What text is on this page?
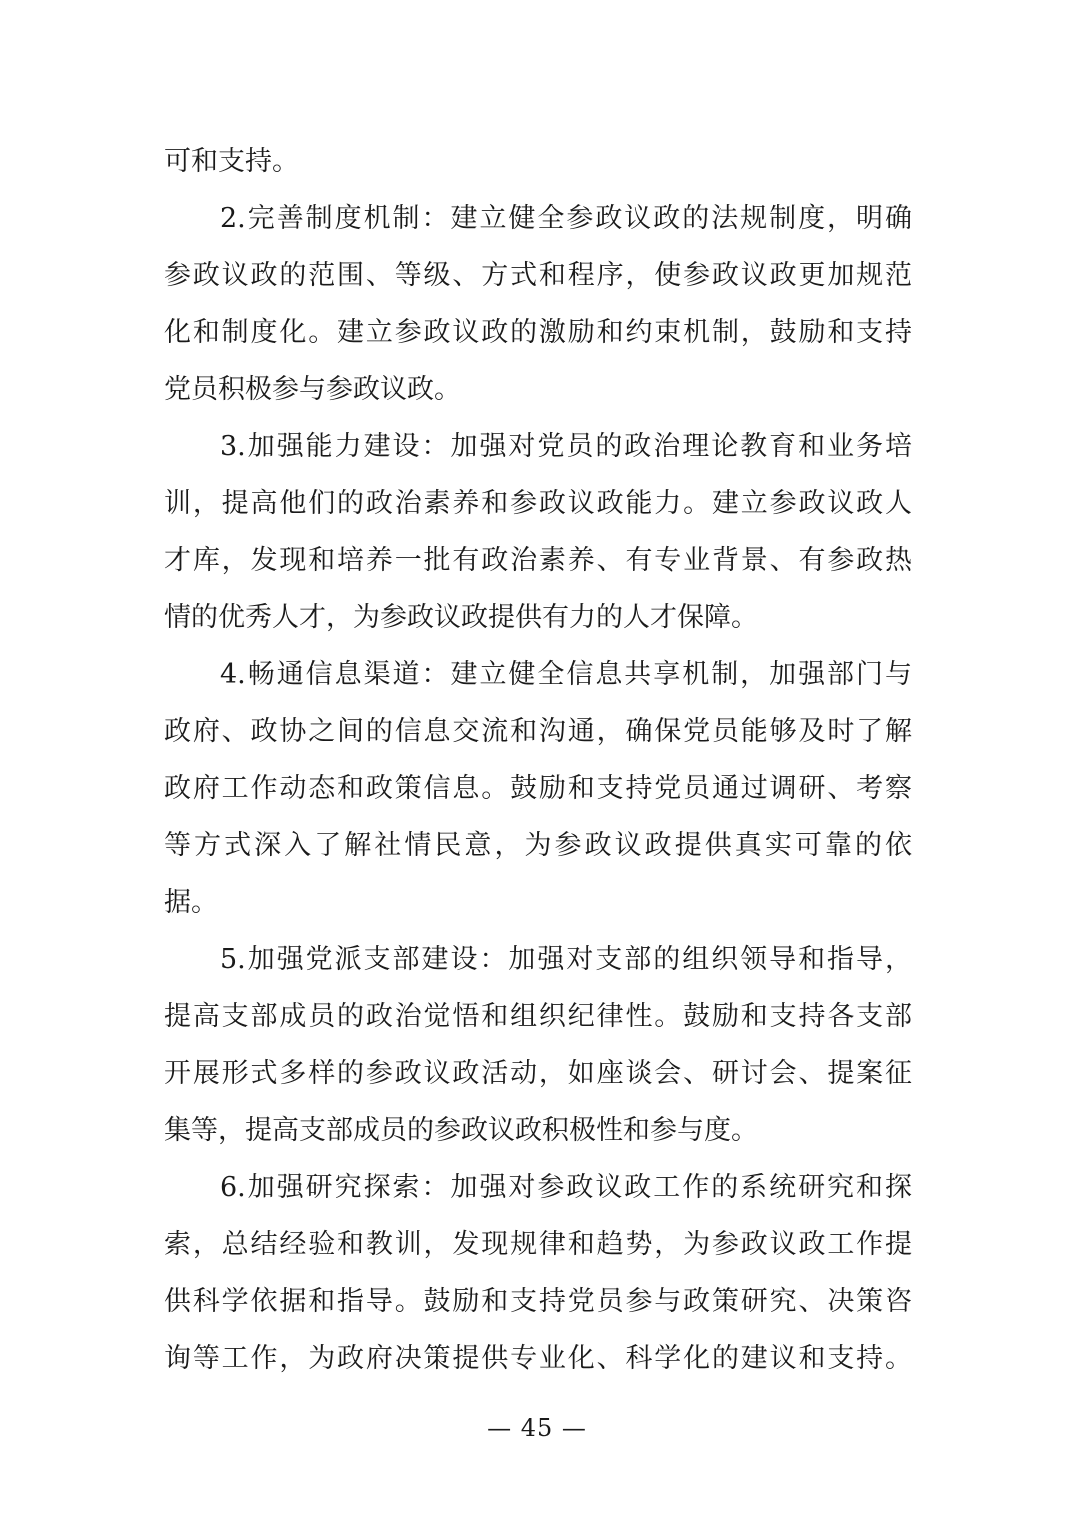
可和支持。
2.完善制度机制：建立健全参政议政的法规制度，明确
参政议政的范围、等级、方式和程序，使参政议政更加规范
化和制度化。建立参政议政的激励和约束机制，鼓励和支持
党员积极参与参政议政。
3.加强能力建设：加强对党员的政治理论教育和业务培
训，提高他们的政治素养和参政议政能力。建立参政议政人
才库，发现和培养一批有政治素养、有专业背景、有参政热
情的优秀人才，为参政议政提供有力的人才保障。
4.畅通信息渠道：建立健全信息共享机制，加强部门与
政府、政协之间的信息交流和沟通，确保党员能够及时了解
政府工作动态和政策信息。鼓励和支持党员通过调研、考察
等方式深入了解社情民意，为参政议政提供真实可靠的依
据。
5.加强党派支部建设：加强对支部的组织领导和指导，
提高支部成员的政治觉悟和组织纪律性。鼓励和支持各支部
开展形式多样的参政议政活动，如座谈会、研讨会、提案征
集等，提高支部成员的参政议政积极性和参与度。
6.加强研究探索：加强对参政议政工作的系统研究和探
索，总结经验和教训，发现规律和趋势，为参政议政工作提
供科学依据和指导。鼓励和支持党员参与政策研究、决策咨
询等工作，为政府决策提供专业化、科学化的建议和支持。
— 45 —
